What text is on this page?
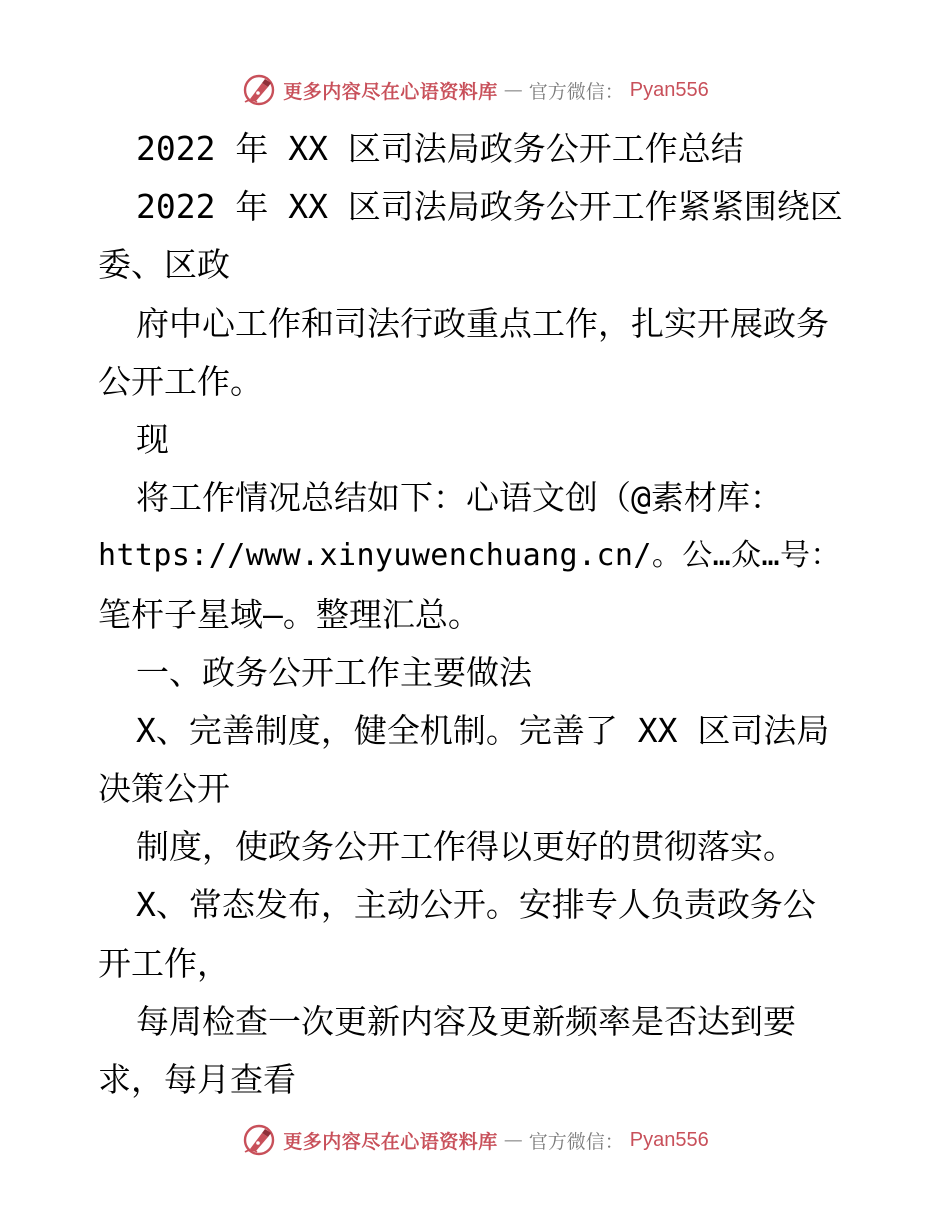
更多内容尽在心语资料库 — 官方微信： Pyan556
2022 年 XX 区司法局政务公开工作总结
2022 年 XX 区司法局政务公开工作紧紧围绕区
委、区政
府中心工作和司法行政重点工作，扎实开展政务
公开工作。
现
将工作情况总结如下：心语文创（@素材库：
https://www.xinyuwenchuang.cn/。公…众…号：
笔杆子星域—。整理汇总。
一、政务公开工作主要做法
X、完善制度，健全机制。完善了 XX 区司法局
决策公开
制度，使政务公开工作得以更好的贯彻落实。
X、常态发布，主动公开。安排专人负责政务公
开工作，
每周检查一次更新内容及更新频率是否达到要
求，每月查看
更多内容尽在心语资料库 — 官方微信： Pyan556
